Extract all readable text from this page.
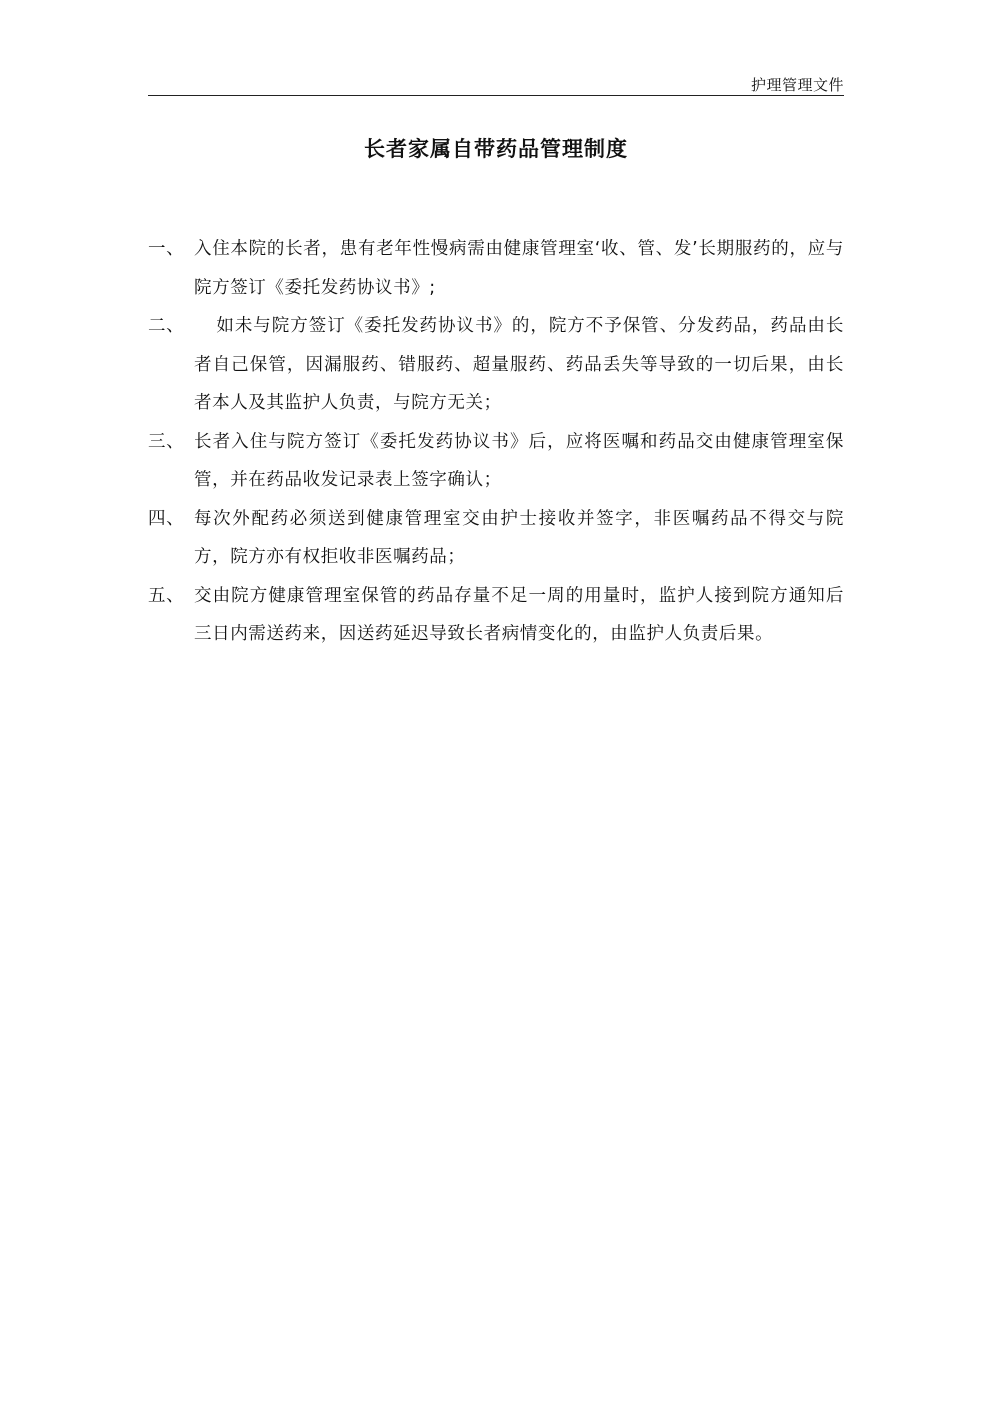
护理管理文件
长者家属自带药品管理制度
一、 入住本院的长者，患有老年性慢病需由健康管理室‘收、管、发’长期服药的，应与院方签订《委托发药协议书》;
二、	如未与院方签订《委托发药协议书》的，院方不予保管、分发药品，药品由长者自己保管，因漏服药、错服药、超量服药、药品丢失等导致的一切后果，由长者本人及其监护人负责，与院方无关；
三、 长者入住与院方签订《委托发药协议书》后，应将医嘱和药品交由健康管理室保管，并在药品收发记录表上签字确认；
四、 每次外配药必须送到健康管理室交由护士接收并签字，非医嘱药品不得交与院方，院方亦有权拒收非医嘱药品；
五、 交由院方健康管理室保管的药品存量不足一周的用量时，监护人接到院方通知后三日内需送药来，因送药延迟导致长者病情变化的，由监护人负责后果。
